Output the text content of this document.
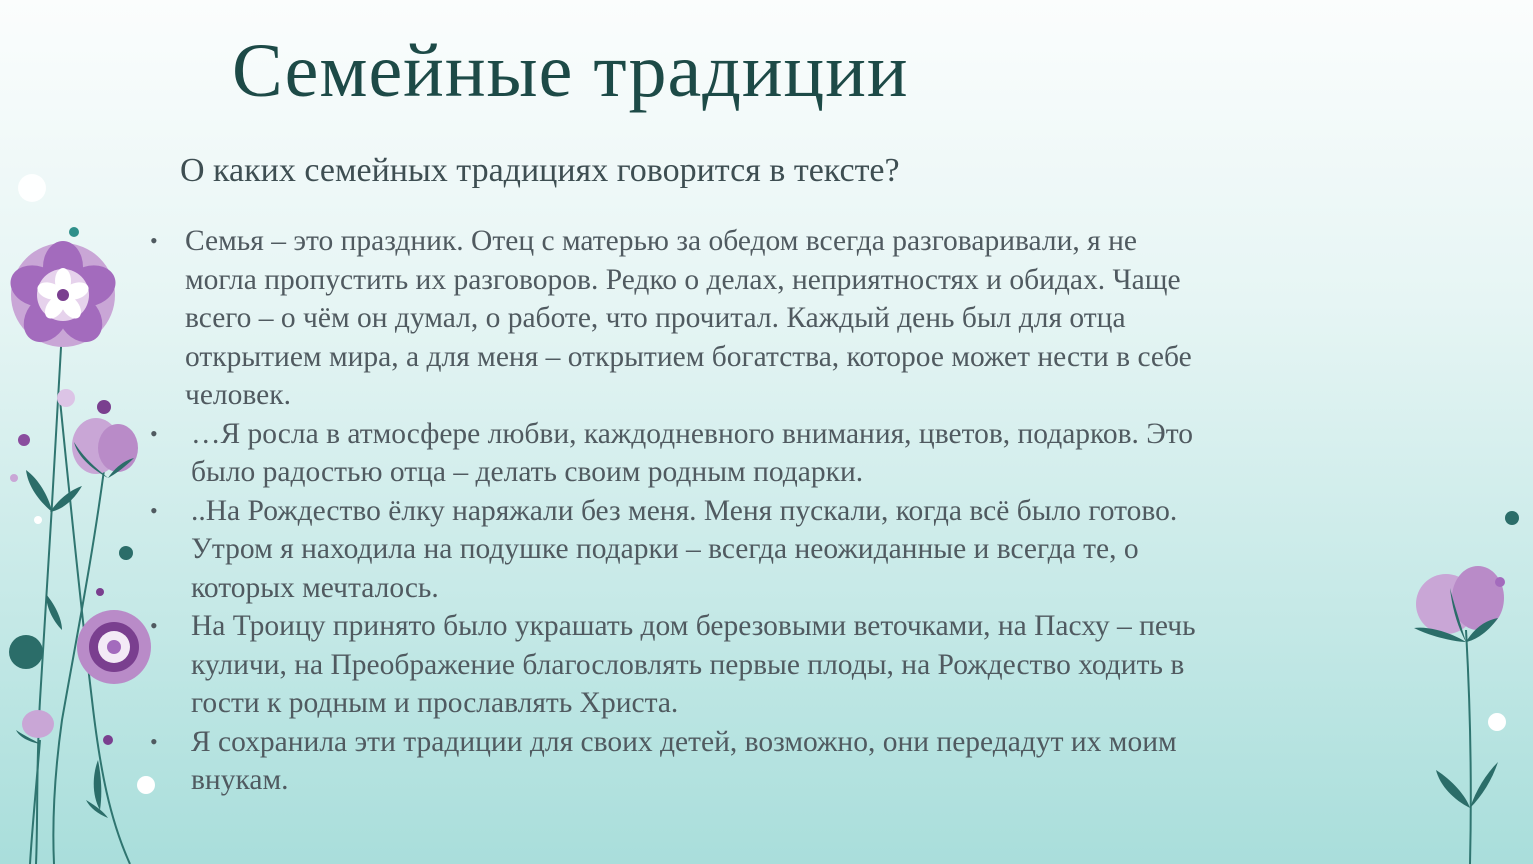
Семейные традиции
О каких семейных традициях говорится в тексте?
• Семья – это праздник. Отец с матерью за обедом всегда разговаривали, я не
могла пропустить их разговоров. Редко о делах, неприятностях и обидах. Чаще
всего – о чём он думал, о работе, что прочитал. Каждый день был для отца
открытием мира, а для меня – открытием богатства, которое может нести в себе
человек.
•	…Я росла в атмосфере любви, каждодневного внимания, цветов, подарков. Это
было радостью отца – делать своим родным подарки.
•	..На Рождество ёлку наряжали без меня. Меня пускали, когда всё было готово.
Утром я находила на подушке подарки – всегда неожиданные и всегда те, о
которых мечталось.
•	На Троицу принято было украшать дом березовыми веточками, на Пасху – печь
куличи, на Преображение благословлять первые плоды, на Рождество ходить в
гости к родным и прославлять Христа.
•	Я сохранила эти традиции для своих детей, возможно, они передадут их моим
внукам.
